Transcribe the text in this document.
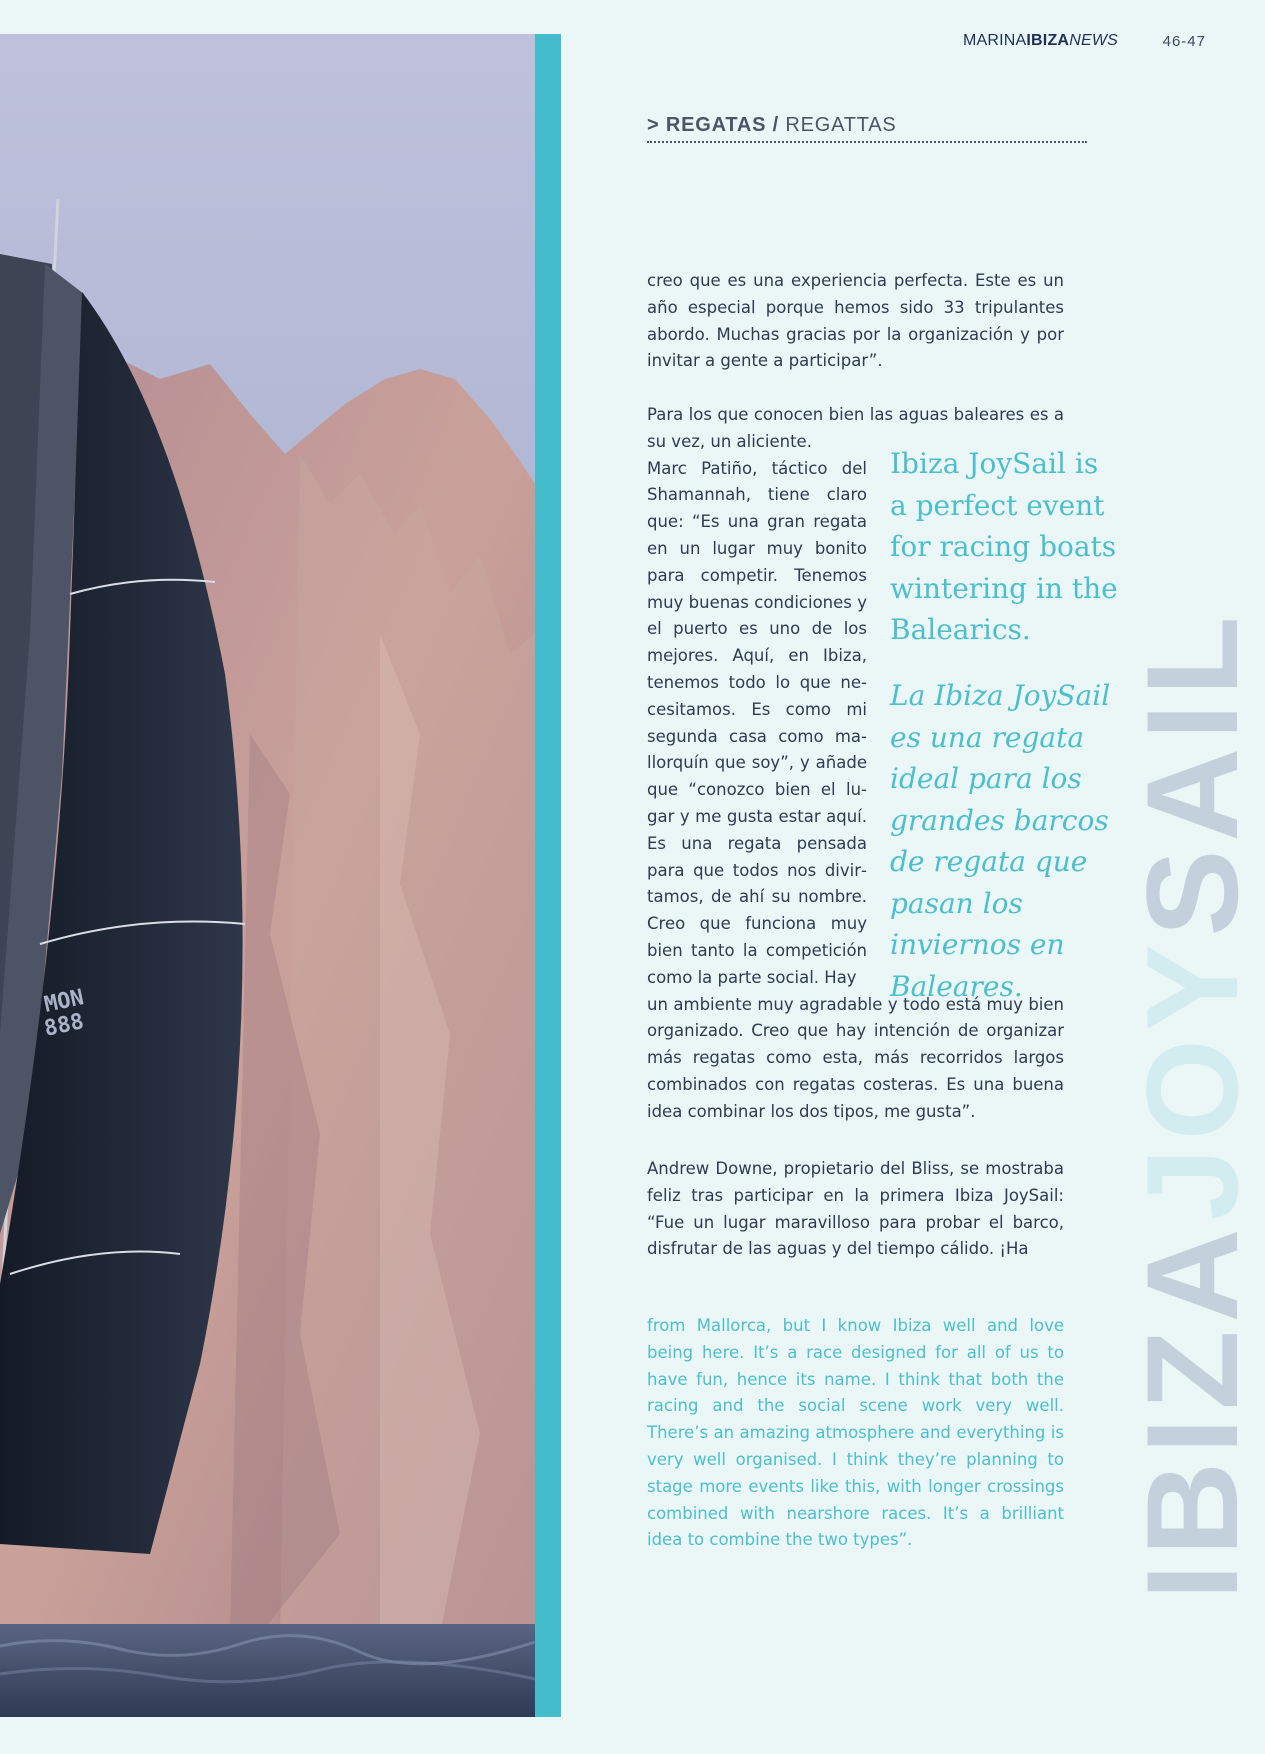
MON
888
MARINAIBIZANEWS	46-47
> REGATAS / REGATTAS
IBIZAJOYSAIL

creo que es una experiencia perfecta. Este es un año especial porque hemos sido 33 tripulantes abordo. Muchas gracias por la organización y por invitar a gente a participar”.

Para los que conocen bien las aguas baleares es a su vez, un aliciente.

Marc Patiño, táctico del Shamannah, tiene claro que: “Es una gran regata en un lugar muy bonito para competir. Tenemos muy buenas condiciones y el puerto es uno de los mejores. Aquí, en Ibiza, tenemos todo lo que necesitamos. Es como mi segunda casa como mallorquín que soy”, y añade que “conozco bien el lugar y me gusta estar aquí. Es una regata pensada para que todos nos divirtamos, de ahí su nombre. Creo que funciona muy bien tanto la competición como la parte social. Hay

un ambiente muy agradable y todo está muy bien organizado. Creo que hay intención de organizar más regatas como esta, más recorridos largos combinados con regatas costeras. Es una buena idea combinar los dos tipos, me gusta”.

Ibiza JoySail is a perfect event for racing boats wintering in the Balearics.
La Ibiza JoySail es una regata ideal para los grandes barcos de regata que pasan los inviernos en Baleares.

Andrew Downe, propietario del Bliss, se mostraba feliz tras participar en la primera Ibiza JoySail: “Fue un lugar maravilloso para probar el barco, disfrutar de las aguas y del tiempo cálido. ¡Ha

from Mallorca, but I know Ibiza well and love being here. It’s a race designed for all of us to have fun, hence its name. I think that both the racing and the social scene work very well. There’s an amazing atmosphere and everything is very well organised. I think they’re planning to stage more events like this, with longer crossings combined with nearshore races. It’s a brilliant idea to combine the two types”.
